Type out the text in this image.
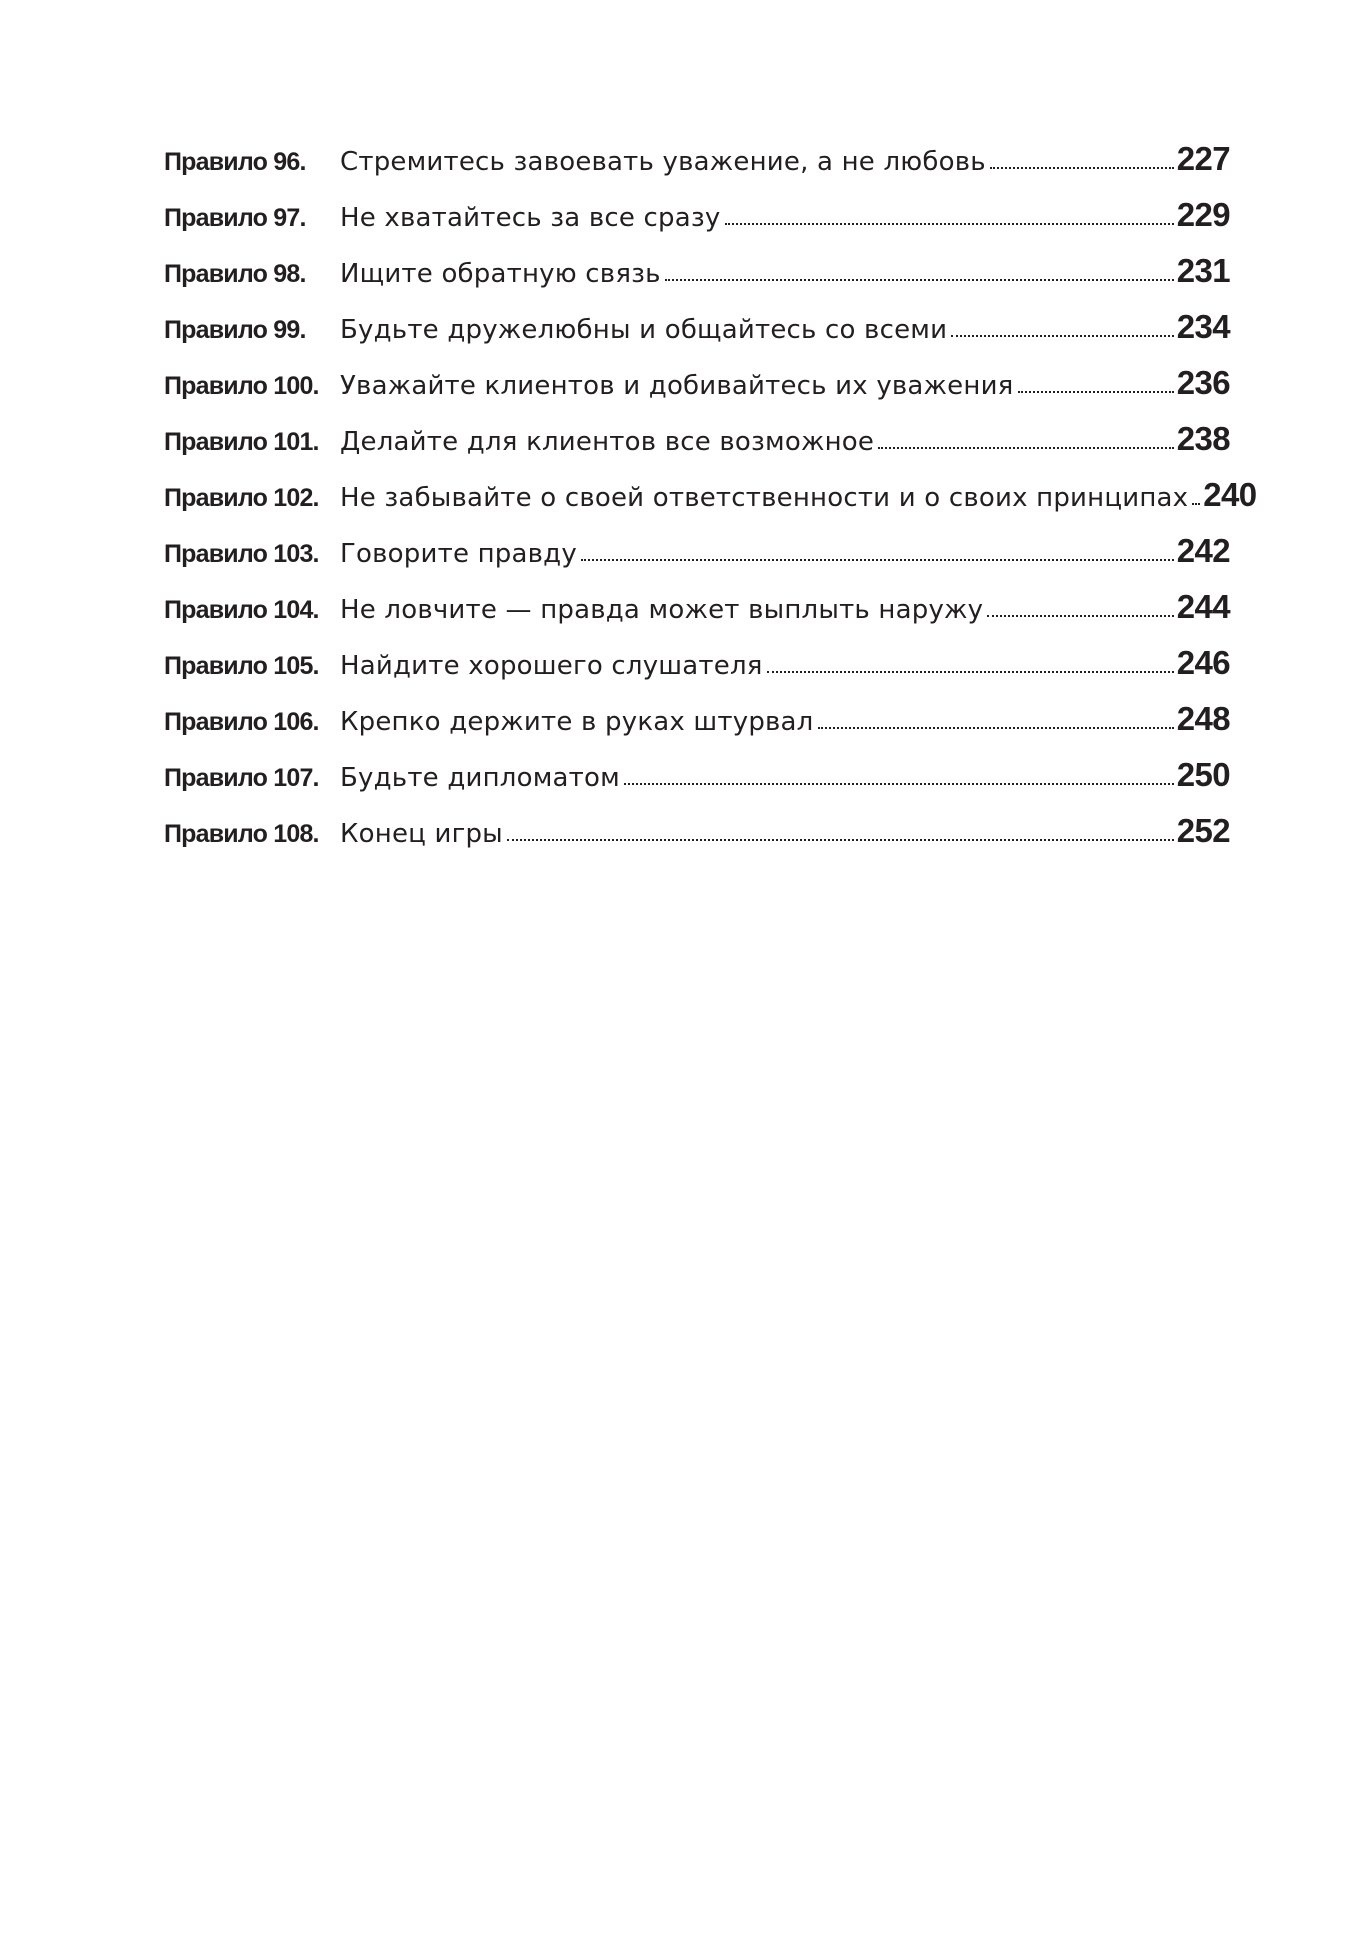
Правило 96.	Стремитесь завоевать уважение, а не любовь	227
Правило 97.	Не хватайтесь за все сразу	229
Правило 98.	Ищите обратную связь	231
Правило 99.	Будьте дружелюбны и общайтесь со всеми	234
Правило 100. Уважайте клиентов и добивайтесь их уважения	236
Правило 101. Делайте для клиентов все возможное	238
Правило 102. Не забывайте о своей ответственности и о своих принципах 240
Правило 103. Говорите правду	242
Правило 104. Не ловчите — правда может выплыть наружу	244
Правило 105. Найдите хорошего слушателя	246
Правило 106. Крепко держите в руках штурвал	248
Правило 107. Будьте дипломатом	250
Правило 108. Конец игры	252
